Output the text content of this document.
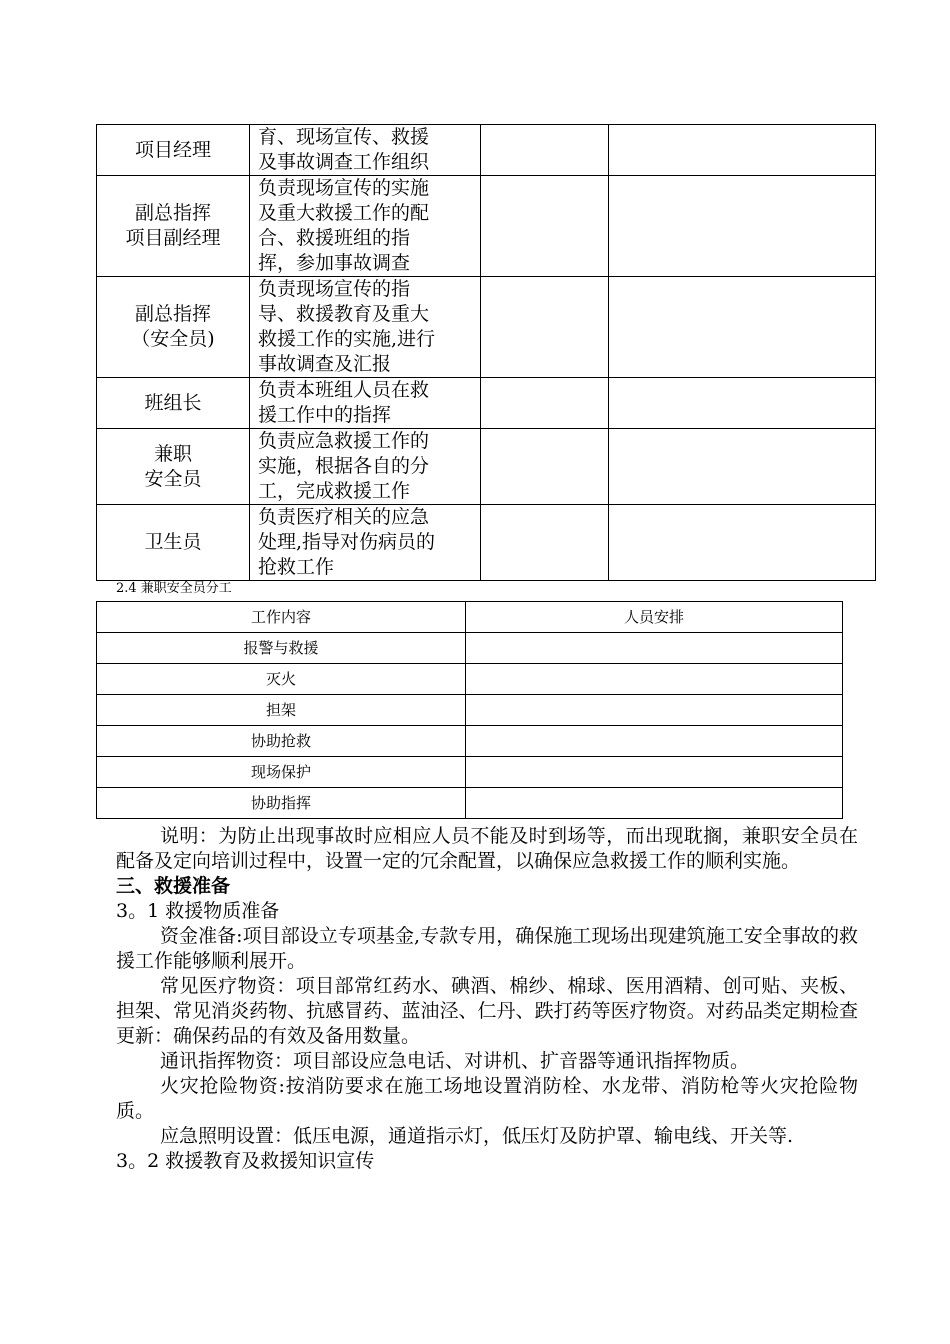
项目经理	育、现场宣传、救援
及事故调查工作组织		

副总指挥
项目副经理	负责现场宣传的实施
及重大救援工作的配
合、救援班组的指
挥，参加事故调查		

副总指挥
（安全员)	负责现场宣传的指
导、救援教育及重大
救援工作的实施,进行
事故调查及汇报		

班组长	负责本班组人员在救
援工作中的指挥		

兼职
安全员	负责应急救援工作的
实施，根据各自的分
工，完成救援工作		

卫生员	负责医疗相关的应急
处理,指导对伤病员的
抢救工作		

2.4 兼职安全员分工
工作内容	人员安排
报警与救援	
灭火	
担架	
协助抢救	
现场保护	
协助指挥	

说明：为防止出现事故时应相应人员不能及时到场等，而出现耽搁，兼职安全员在配备及定向培训过程中，设置一定的冗余配置，以确保应急救援工作的顺利实施。

三、救援准备

3。1 救援物质准备

资金准备:项目部设立专项基金,专款专用，确保施工现场出现建筑施工安全事故的救援工作能够顺利展开。

常见医疗物资：项目部常红药水、碘酒、棉纱、棉球、医用酒精、创可贴、夹板、担架、常见消炎药物、抗感冒药、蓝油泾、仁丹、跌打药等医疗物资。对药品类定期检查更新：确保药品的有效及备用数量。

通讯指挥物资：项目部设应急电话、对讲机、扩音器等通讯指挥物质。

火灾抢险物资:按消防要求在施工场地设置消防栓、水龙带、消防枪等火灾抢险物质。

应急照明设置：低压电源，通道指示灯，低压灯及防护罩、输电线、开关等.

3。2 救援教育及救援知识宣传
